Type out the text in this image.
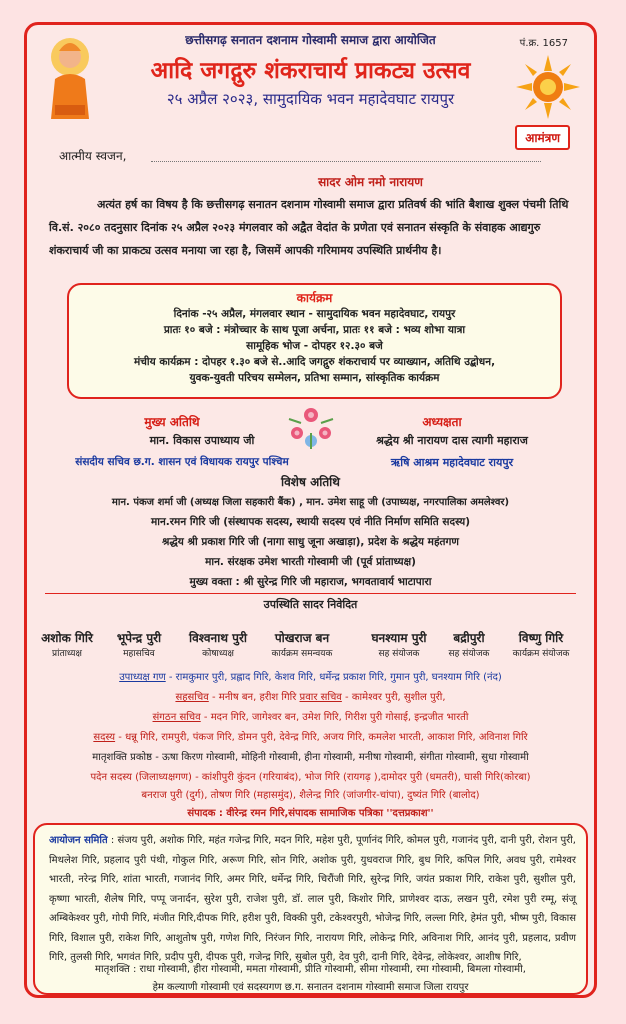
पं.क्र. 1657
छत्तीसगढ़ सनातन दशनाम गोस्वामी समाज द्वारा आयोजित
आदि जगद्गुरु शंकराचार्य प्राकट्य उत्सव
२५ अप्रैल २०२३, सामुदायिक भवन महादेवघाट रायपुर
आमंत्रण
आत्मीय स्वजन,
सादर ओम नमो नारायण
अत्यंत हर्ष का विषय है कि छत्तीसगढ़ सनातन दशनाम गोस्वामी समाज द्वारा प्रतिवर्ष की भांति बैशाख शुक्ल पंचमी तिथि वि.सं. २०८० तदनुसार दिनांक २५ अप्रैल २०२३ मंगलवार को अद्वैत वेदांत के प्रणेता एवं सनातन संस्कृति के संवाहक आद्यगुरु शंकराचार्य जी का प्राकट्य उत्सव मनाया जा रहा है, जिसमें आपकी गरिमामय उपस्थिति प्रार्थनीय है।
कार्यक्रम
दिनांक -२५ अप्रैल, मंगलवार स्थान - सामुदायिक भवन महादेवघाट, रायपुर
प्रातः १० बजे : मंत्रोच्चार के साथ पूजा अर्चना, प्रातः ११ बजे : भव्य शोभा यात्रा
सामूहिक भोज - दोपहर १२.३० बजे
मंचीय कार्यक्रम : दोपहर १.३० बजे से..आदि जगद्गुरु शंकराचार्य पर व्याख्यान, अतिथि उद्बोधन,
युवक-युवती परिचय सम्मेलन, प्रतिभा सम्मान, सांस्कृतिक कार्यक्रम
मुख्य अतिथि
मान. विकास उपाध्याय जी
संसदीय सचिव छ.ग. शासन एवं विधायक रायपुर पश्चिम
अध्यक्षता
श्रद्धेय श्री नारायण दास त्यागी महाराज
ऋषि आश्रम महादेवघाट रायपुर
विशेष अतिथि
मान. पंकज शर्मा जी (अध्यक्ष जिला सहकारी बैंक) , मान. उमेश साहू जी (उपाध्यक्ष, नगरपालिका अमलेश्वर)
मान.रमन गिरि जी (संस्थापक सदस्य, स्थायी सदस्य एवं नीति निर्माण समिति सदस्य)
श्रद्धेय श्री प्रकाश गिरि जी (नागा साधु जूना अखाड़ा), प्रदेश के श्रद्धेय महंतगण
मान. संरक्षक उमेश भारती गोस्वामी जी (पूर्व प्रांताध्यक्ष)
मुख्य वक्ता : श्री सुरेन्द्र गिरि जी महाराज, भगवतावार्य भाटापारा
उपस्थिति सादर निवेदित
अशोक गिरि
प्रांताध्यक्ष
भूपेन्द्र पुरी
महासचिव
विश्वनाथ पुरी
कोषाध्यक्ष
पोखराज बन
कार्यक्रम समन्वयक
घनश्याम पुरी
सह संयोजक
बद्रीपुरी
सह संयोजक
विष्णु गिरि
कार्यक्रम संयोजक
उपाध्यक्ष गण - रामकुमार पुरी, प्रह्लाद गिरि, केशव गिरि, धर्मेन्द्र प्रकाश गिरि, गुमान पुरी, घनश्याम गिरि (नंद)
सहसचिव - मनीष बन, हरीश गिरि प्रवार सचिव - कामेश्वर पुरी, सुशील पुरी,
संगठन सचिव - मदन गिरि, जागेश्वर बन, उमेश गिरि, गिरीश पुरी गोसाई, इन्द्रजीत भारती
सदस्य - धन्नू गिरि, रामपुरी, पंकज गिरि, डोमन पुरी, देवेन्द्र गिरि, अजय गिरि, कमलेश भारती, आकाश गिरि, अविनाश गिरि
मातृशक्ति प्रकोष्ठ - ऊषा किरण गोस्वामी, मोहिनी गोस्वामी, हीना गोस्वामी, मनीषा गोस्वामी, संगीता गोस्वामी, सुधा गोस्वामी
पदेन सदस्य (जिलाध्यक्षगण) - कांशीपुरी कुंदन (गरियाबंद), भोज गिरि (रायगढ़ ),दामोदर पुरी (धमतरी), घासी गिरि(कोरबा)
बनराज पुरी (दुर्ग), तोषण गिरि (महासमुंद), शैलेन्द्र गिरि (जांजगीर-चांपा), दुष्यंत गिरि (बालोद)
संपादक : वीरेन्द्र रमन गिरि,संपादक सामाजिक पत्रिका ''दत्तप्रकाश''
आयोजन समिति : संजय पुरी, अशोक गिरि, महंत गजेन्द्र गिरि, मदन गिरि, महेश पुरी, पूर्णानंद गिरि, कोमल पुरी, गजानंद पुरी, दानी पुरी, रोशन पुरी, मिथलेश गिरि, प्रहलाद पुरी पंथी, गोकुल गिरि, अरूण गिरि, सोन गिरि, अशोक पुरी, युधवराज गिरि, बुध गिरि, कपिल गिरि, अवध पुरी, रामेश्वर भारती, नरेन्द्र गिरि, शांता भारती, गजानंद गिरि, अमर गिरि, धर्मेन्द्र गिरि, चिरौंजी गिरि, सुरेन्द्र गिरि, जयंत प्रकाश गिरि, राकेश पुरी, सुशील पुरी, कृष्णा भारती, शैलेष गिरि, पप्पू जनार्दन, सुरेश पुरी, राजेश पुरी, डॉ. लाल पुरी, किशोर गिरि, प्राणेश्वर दाऊ, लखन पुरी, रमेश पुरी रम्मू, संजू अम्बिकेश्वर पुरी, गोपी गिरि, मंजीत गिरि,दीपक गिरि, हरीश पुरी, विक्की पुरी, टकेश्वरपुरी, भोजेन्द्र गिरि, लल्ला गिरि, हेमंत पुरी, भीष्म पुरी, विकास गिरि, विशाल पुरी, राकेश गिरि, आशुतोष पुरी, गणेश गिरि, निरंजन गिरि, नारायण गिरि, लोकेन्द्र गिरि, अविनाश गिरि, आनंद पुरी, प्रहलाद, प्रवीण गिरि, तुलसी गिरि, भगवंत गिरि, प्रदीप पुरी, दीपक पुरी, गजेन्द्र गिरि, सुबोल पुरी, देव पुरी, दानी गिरि, देवेन्द्र, लोकेश्वर, आशीष गिरि,
मातृशक्ति : राधा गोस्वामी, हीरा गोस्वामी, ममता गोस्वामी, प्रीति गोस्वामी, सीमा गोस्वामी, रमा गोस्वामी, बिमला गोस्वामी,
हेम कल्याणी गोस्वामी एवं सदस्यगण छ.ग. सनातन दशनाम गोस्वामी समाज जिला रायपुर
